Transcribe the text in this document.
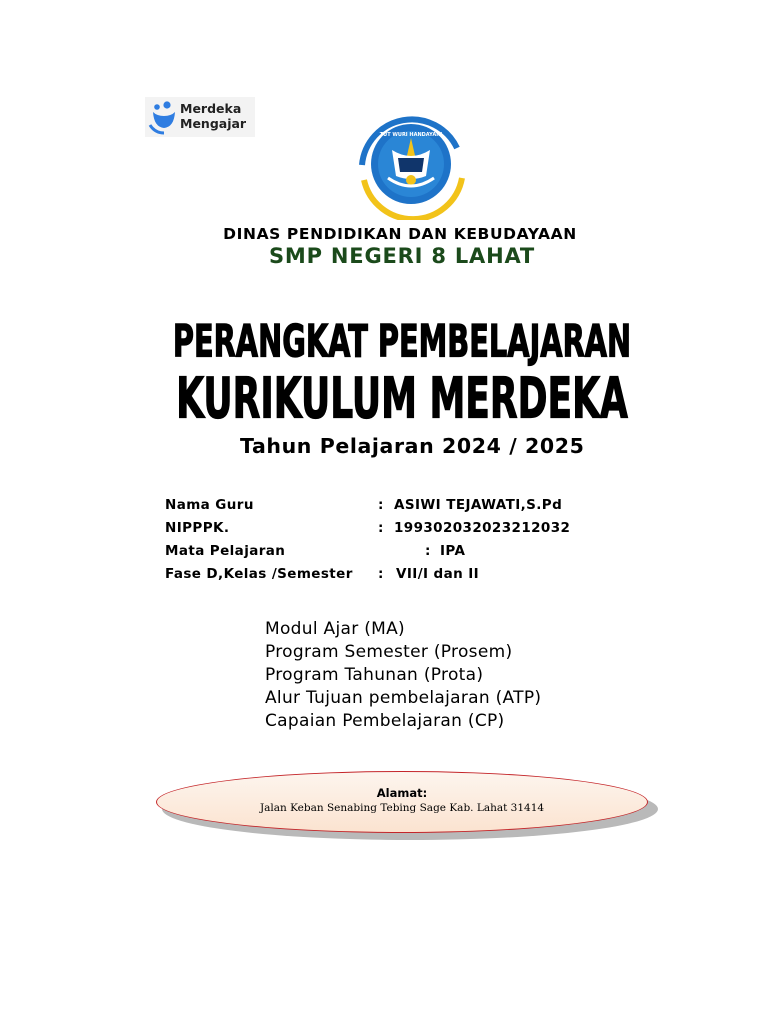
Merdeka
Mengajar
TUT WURI HANDAYANI
DINAS PENDIDIKAN DAN KEBUDAYAAN
SMP NEGERI 8 LAHAT
PERANGKAT PEMBELAJARAN
KURIKULUM MERDEKA
Tahun Pelajaran 2024 / 2025
Nama Guru	: ASIWI TEJAWATI,S.Pd
NIPPPK.	: 199302032023212032
Mata Pelajaran	: IPA
Fase D,Kelas /Semester : VII/I dan II
Modul Ajar (MA)
Program Semester (Prosem)
Program Tahunan (Prota)
Alur Tujuan pembelajaran (ATP)
Capaian Pembelajaran (CP)
Alamat:
Jalan Keban Senabing Tebing Sage Kab. Lahat 31414
